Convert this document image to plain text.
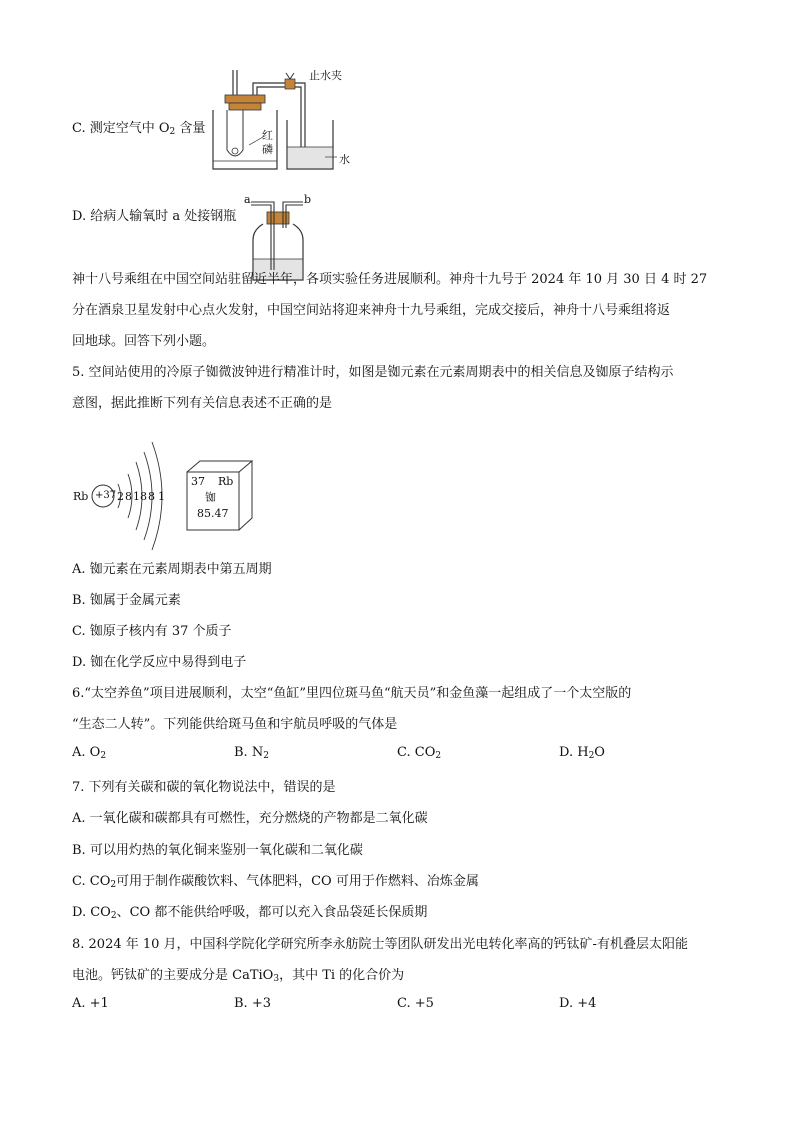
C. 测定空气中 $O_2$ 含量
止水夹
红
磷
水
D. 给病人输氧时 a 处接钢瓶
a	b
神十八号乘组在中国空间站驻留近半年，各项实验任务进展顺利。神舟十九号于 2024 年 10 月 30 日 4 时 27
分在酒泉卫星发射中心点火发射，中国空间站将迎来神舟十九号乘组，完成交接后，神舟十八号乘组将返
回地球。回答下列小题。
5. 空间站使用的冷原子铷微波钟进行精准计时，如图是铷元素在元素周期表中的相关信息及铷原子结构示
意图，据此推断下列有关信息表述不正确的是
Rb +37 2 8 18 8 1
37 Rb
铷
85.47
A. 铷元素在元素周期表中第五周期
B. 铷属于金属元素
C. 铷原子核内有 37 个质子
D. 铷在化学反应中易得到电子
6.“太空养鱼”项目进展顺利，太空“鱼缸”里四位斑马鱼“航天员”和金鱼藻一起组成了一个太空版的
“生态二人转”。下列能供给斑马鱼和宇航员呼吸的气体是
A. $O_2$	B. $N_2$	C. $CO_2$	D. $H_2O$
7. 下列有关碳和碳的氧化物说法中，错误的是
A. 一氧化碳和碳都具有可燃性，充分燃烧的产物都是二氧化碳
B. 可以用灼热的氧化铜来鉴别一氧化碳和二氧化碳
C. $CO_2$可用于制作碳酸饮料、气体肥料，CO 可用于作燃料、冶炼金属
D. $CO_2$、CO 都不能供给呼吸，都可以充入食品袋延长保质期
8. 2024 年 10 月，中国科学院化学研究所李永舫院士等团队研发出光电转化率高的钙钛矿-有机叠层太阳能
电池。钙钛矿的主要成分是 CaTiO$_3$，其中 Ti 的化合价为
A. +1	B. +3	C. +5	D. +4
